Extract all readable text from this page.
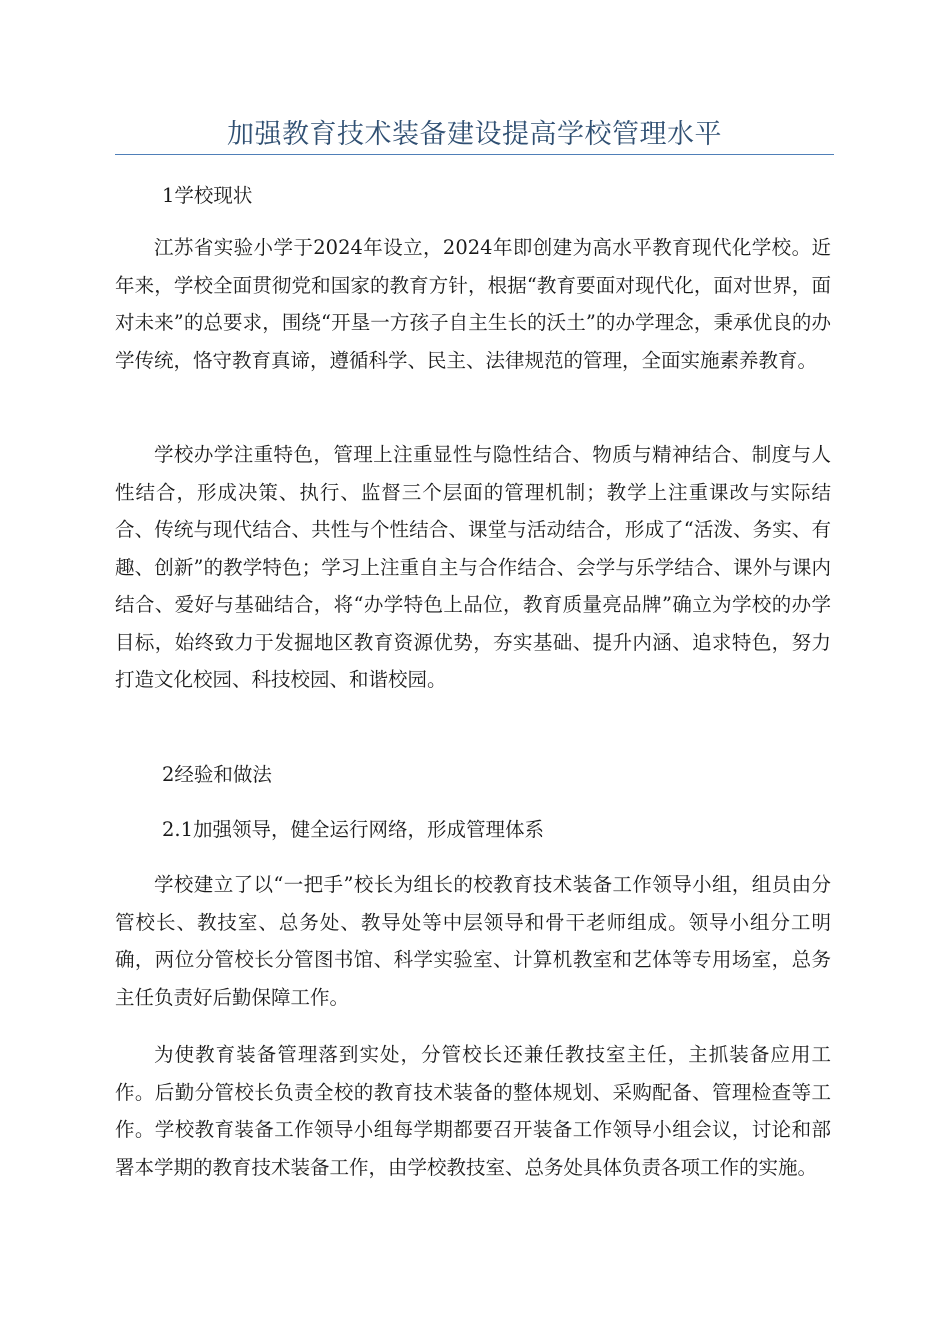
加强教育技术装备建设提高学校管理水平
1学校现状
江苏省实验小学于2024年设立，2024年即创建为高水平教育现代化学校。近年来，学校全面贯彻党和国家的教育方针，根据“教育要面对现代化，面对世界，面对未来”的总要求，围绕“开垦一方孩子自主生长的沃土”的办学理念，秉承优良的办学传统，恪守教育真谛，遵循科学、民主、法律规范的管理，全面实施素养教育。
学校办学注重特色，管理上注重显性与隐性结合、物质与精神结合、制度与人性结合，形成决策、执行、监督三个层面的管理机制；教学上注重课改与实际结合、传统与现代结合、共性与个性结合、课堂与活动结合，形成了“活泼、务实、有趣、创新”的教学特色；学习上注重自主与合作结合、会学与乐学结合、课外与课内结合、爱好与基础结合，将“办学特色上品位，教育质量亮品牌”确立为学校的办学目标，始终致力于发掘地区教育资源优势，夯实基础、提升内涵、追求特色，努力打造文化校园、科技校园、和谐校园。
2经验和做法
2.1加强领导，健全运行网络，形成管理体系
学校建立了以“一把手”校长为组长的校教育技术装备工作领导小组，组员由分管校长、教技室、总务处、教导处等中层领导和骨干老师组成。领导小组分工明确，两位分管校长分管图书馆、科学实验室、计算机教室和艺体等专用场室，总务主任负责好后勤保障工作。
为使教育装备管理落到实处，分管校长还兼任教技室主任，主抓装备应用工作。后勤分管校长负责全校的教育技术装备的整体规划、采购配备、管理检查等工作。学校教育装备工作领导小组每学期都要召开装备工作领导小组会议，讨论和部署本学期的教育技术装备工作，由学校教技室、总务处具体负责各项工作的实施。
